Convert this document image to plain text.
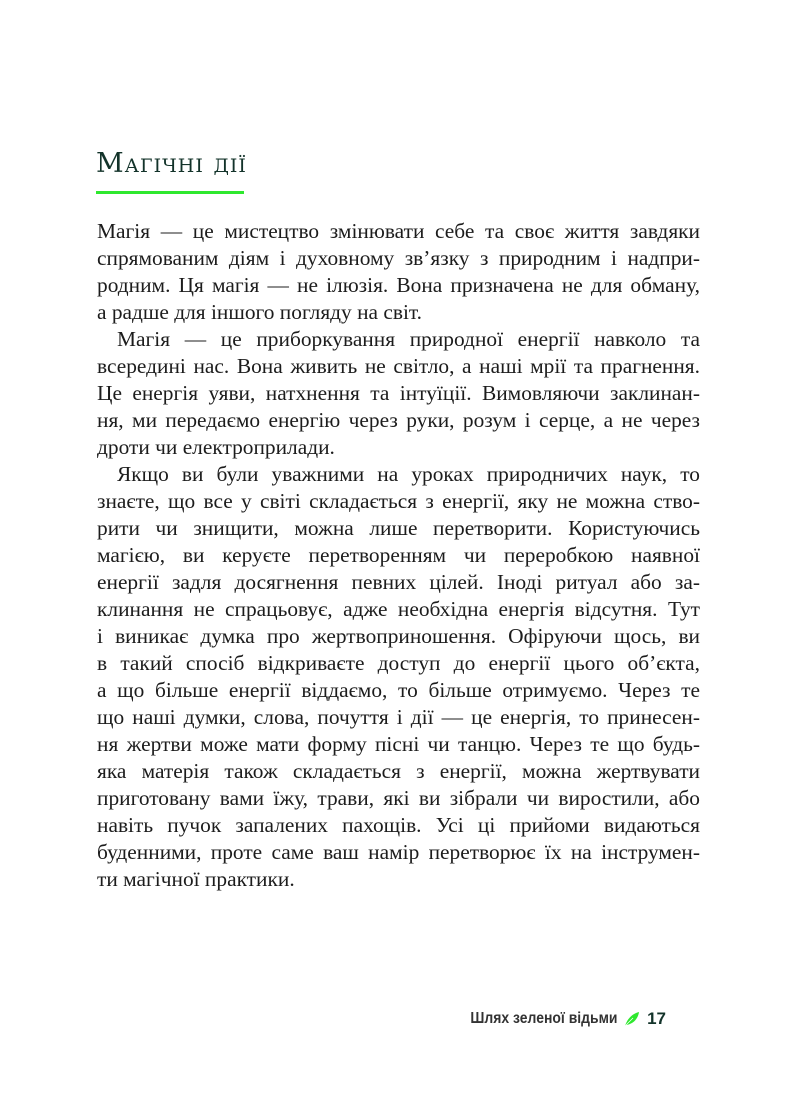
Магічні дії

Магія — це мистецтво змінювати себе та своє життя завдяки
спрямованим діям і духовному зв’язку з природним і надпри-
родним. Ця магія — не ілюзія. Вона призначена не для обману,
а радше для іншого погляду на світ.

Магія — це приборкування природної енергії навколо та
всередині нас. Вона живить не світло, а наші мрії та прагнення.
Це енергія уяви, натхнення та інтуїції. Вимовляючи заклинан-
ня, ми передаємо енергію через руки, розум і серце, а не через
дроти чи електроприлади.

Якщо ви були уважними на уроках природничих наук, то
знаєте, що все у світі складається з енергії, яку не можна ство-
рити чи знищити, можна лише перетворити. Користуючись
магією, ви керуєте перетворенням чи переробкою наявної
енергії задля досягнення певних цілей. Іноді ритуал або за-
клинання не спрацьовує, адже необхідна енергія відсутня. Тут
і виникає думка про жертвоприношення. Офіруючи щось, ви
в такий спосіб відкриваєте доступ до енергії цього об’єкта,
а що більше енергії віддаємо, то більше отримуємо. Через те
що наші думки, слова, почуття і дії — це енергія, то принесен-
ня жертви може мати форму пісні чи танцю. Через те що будь-
яка матерія також складається з енергії, можна жертвувати
приготовану вами їжу, трави, які ви зібрали чи виростили, або
навіть пучок запалених пахощів. Усі ці прийоми видаються
буденними, проте саме ваш намір перетворює їх на інструмен-
ти магічної практики.

Шлях зеленої відьми 17
